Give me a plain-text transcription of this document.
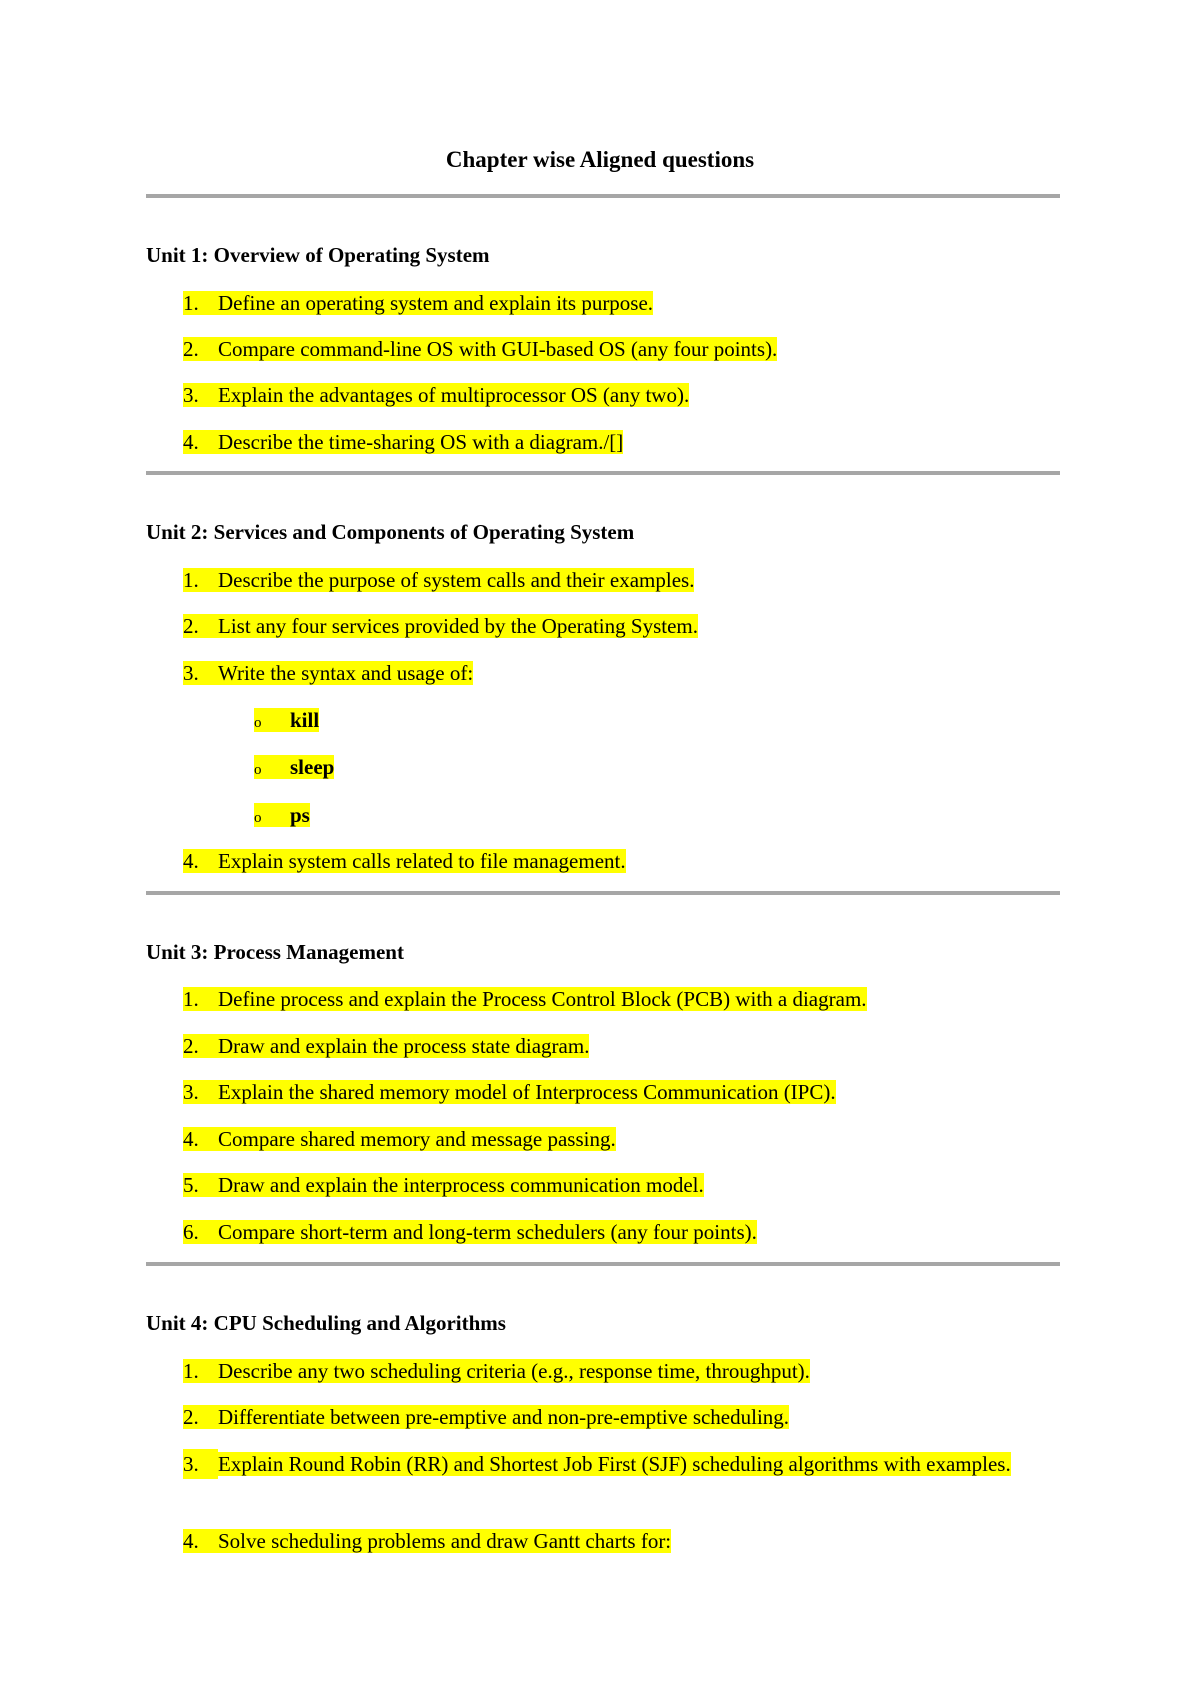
Chapter wise Aligned questions
Unit 1: Overview of Operating System
1. Define an operating system and explain its purpose.
2. Compare command-line OS with GUI-based OS (any four points).
3. Explain the advantages of multiprocessor OS (any two).
4. Describe the time-sharing OS with a diagram./[]
Unit 2: Services and Components of Operating System
1. Describe the purpose of system calls and their examples.
2. List any four services provided by the Operating System.
3. Write the syntax and usage of:
o kill
o sleep
o ps
4. Explain system calls related to file management.
Unit 3: Process Management
1. Define process and explain the Process Control Block (PCB) with a diagram.
2. Draw and explain the process state diagram.
3. Explain the shared memory model of Interprocess Communication (IPC).
4. Compare shared memory and message passing.
5. Draw and explain the interprocess communication model.
6. Compare short-term and long-term schedulers (any four points).
Unit 4: CPU Scheduling and Algorithms
1. Describe any two scheduling criteria (e.g., response time, throughput).
2. Differentiate between pre-emptive and non-pre-emptive scheduling.
3. Explain Round Robin (RR) and Shortest Job First (SJF) scheduling algorithms with examples.
4. Solve scheduling problems and draw Gantt charts for:
